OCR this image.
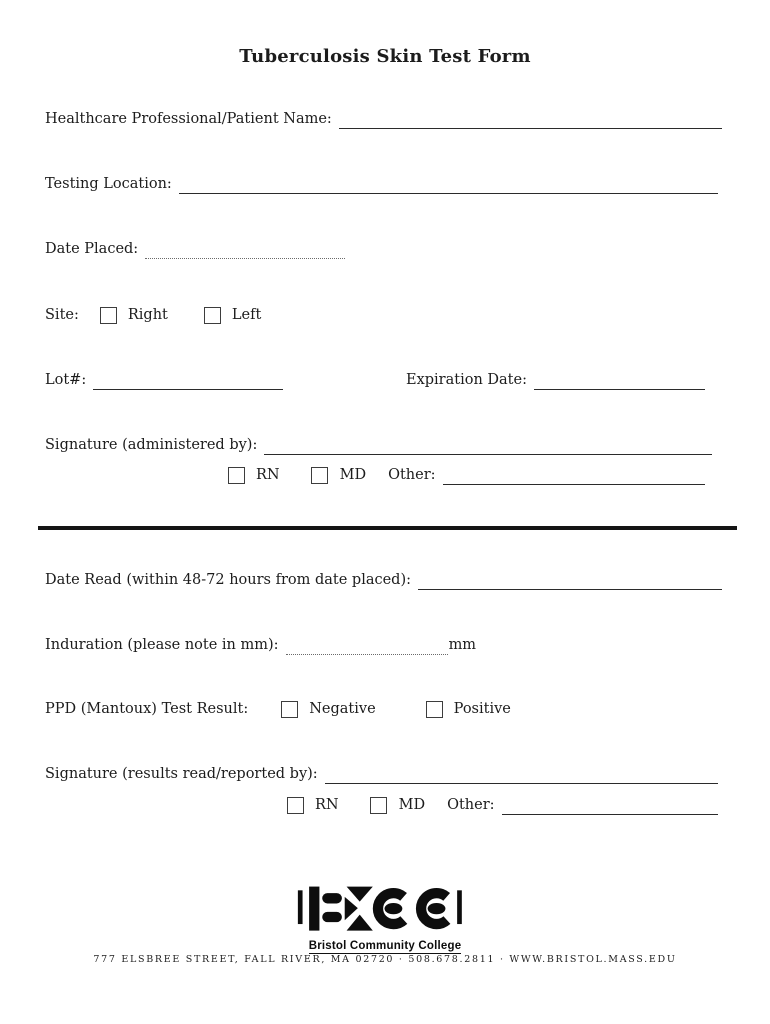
Tuberculosis Skin Test Form
Healthcare Professional/Patient Name:
Testing Location:
Date Placed:
Site:	Right	Left
Lot#:	Expiration Date:
Signature (administered by):
RN	MD Other:
Date Read (within 48-72 hours from date placed):
Induration (please note in mm):	mm
PPD (Mantoux) Test Result:	Negative	Positive
Signature (results read/reported by):
RN	MD Other:
Bristol Community College
777 ELSBREE STREET, FALL RIVER, MA 02720 · 508.678.2811 · WWW.BRISTOL.MASS.EDU
